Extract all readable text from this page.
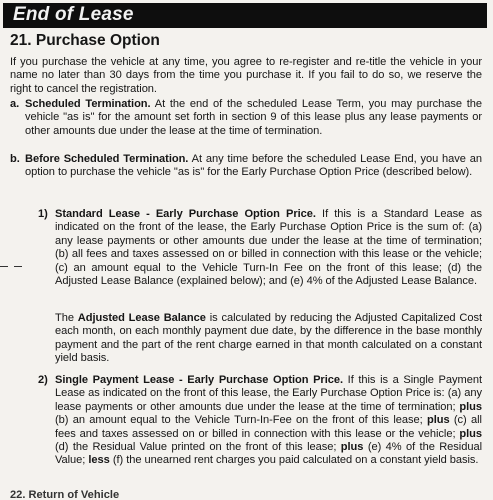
End of Lease
21. Purchase Option

If you purchase the vehicle at any time, you agree to re-register and re-title the vehicle in your name no later than 30 days from the time you purchase it. If you fail to do so, we reserve the right to cancel the registration.

a. Scheduled Termination. At the end of the scheduled Lease Term, you may purchase the vehicle "as is" for the amount set forth in section 9 of this lease plus any lease payments or other amounts due under the lease at the time of termination.

b. Before Scheduled Termination. At any time before the scheduled Lease End, you have an option to purchase the vehicle "as is" for the Early Purchase Option Price (described below).

1) Standard Lease - Early Purchase Option Price. If this is a Standard Lease as indicated on the front of the lease, the Early Purchase Option Price is the sum of: (a) any lease payments or other amounts due under the lease at the time of termination; (b) all fees and taxes assessed on or billed in connection with this lease or the vehicle; (c) an amount equal to the Vehicle Turn-In Fee on the front of this lease; (d) the Adjusted Lease Balance (explained below); and (e) 4% of the Adjusted Lease Balance.

The Adjusted Lease Balance is calculated by reducing the Adjusted Capitalized Cost each month, on each monthly payment due date, by the difference in the base monthly payment and the part of the rent charge earned in that month calculated on a constant yield basis.

2) Single Payment Lease - Early Purchase Option Price. If this is a Single Payment Lease as indicated on the front of this lease, the Early Purchase Option Price is: (a) any lease payments or other amounts due under the lease at the time of termination; plus (b) an amount equal to the Vehicle Turn-In-Fee on the front of this lease; plus (c) all fees and taxes assessed on or billed in connection with this lease or the vehicle; plus (d) the Residual Value printed on the front of this lease; plus (e) 4% of the Residual Value; less (f) the unearned rent charges you paid calculated on a constant yield basis.

22. Return of Vehicle
